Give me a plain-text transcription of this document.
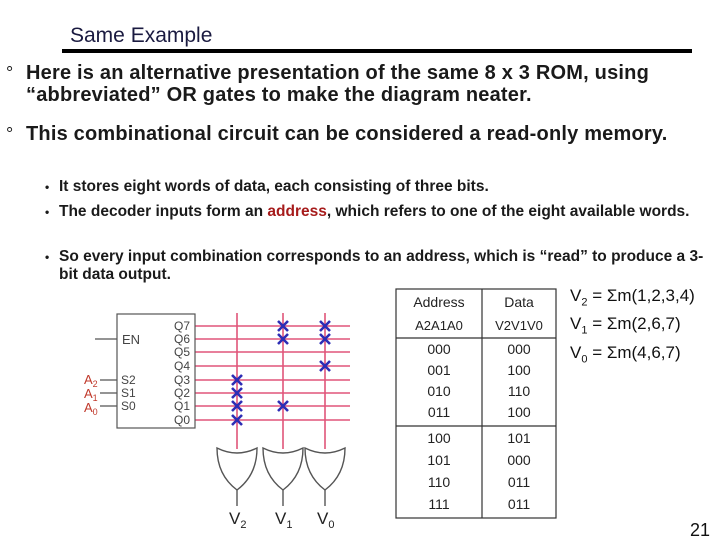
Same Example
° Here is an alternative presentation of the same 8 x 3 ROM, using “abbreviated” OR gates to make the diagram neater.
° This combinational circuit can be considered a read-only memory.
• It stores eight words of data, each consisting of three bits.
• The decoder inputs form an address, which refers to one of the eight available words.
• So every input combination corresponds to an address, which is “read” to produce a 3-bit data output.
EN
Q7
Q6
Q5
Q4
Q3
Q2
Q1
Q0
S2
S1
S0
$A_2$
$A_1$
$A_0$
$V_2$ $V_1$ $V_0$
Address	Data
A2A1A0 V2V1V0
000	000
001	100
010	110
011	100
100	101
101	000
110	011
111	011
$V_2 = \Sigma m(1,2,3,4)$
$V_1 = \Sigma m(2,6,7)$
$V_0 = \Sigma m(4,6,7)$
21
